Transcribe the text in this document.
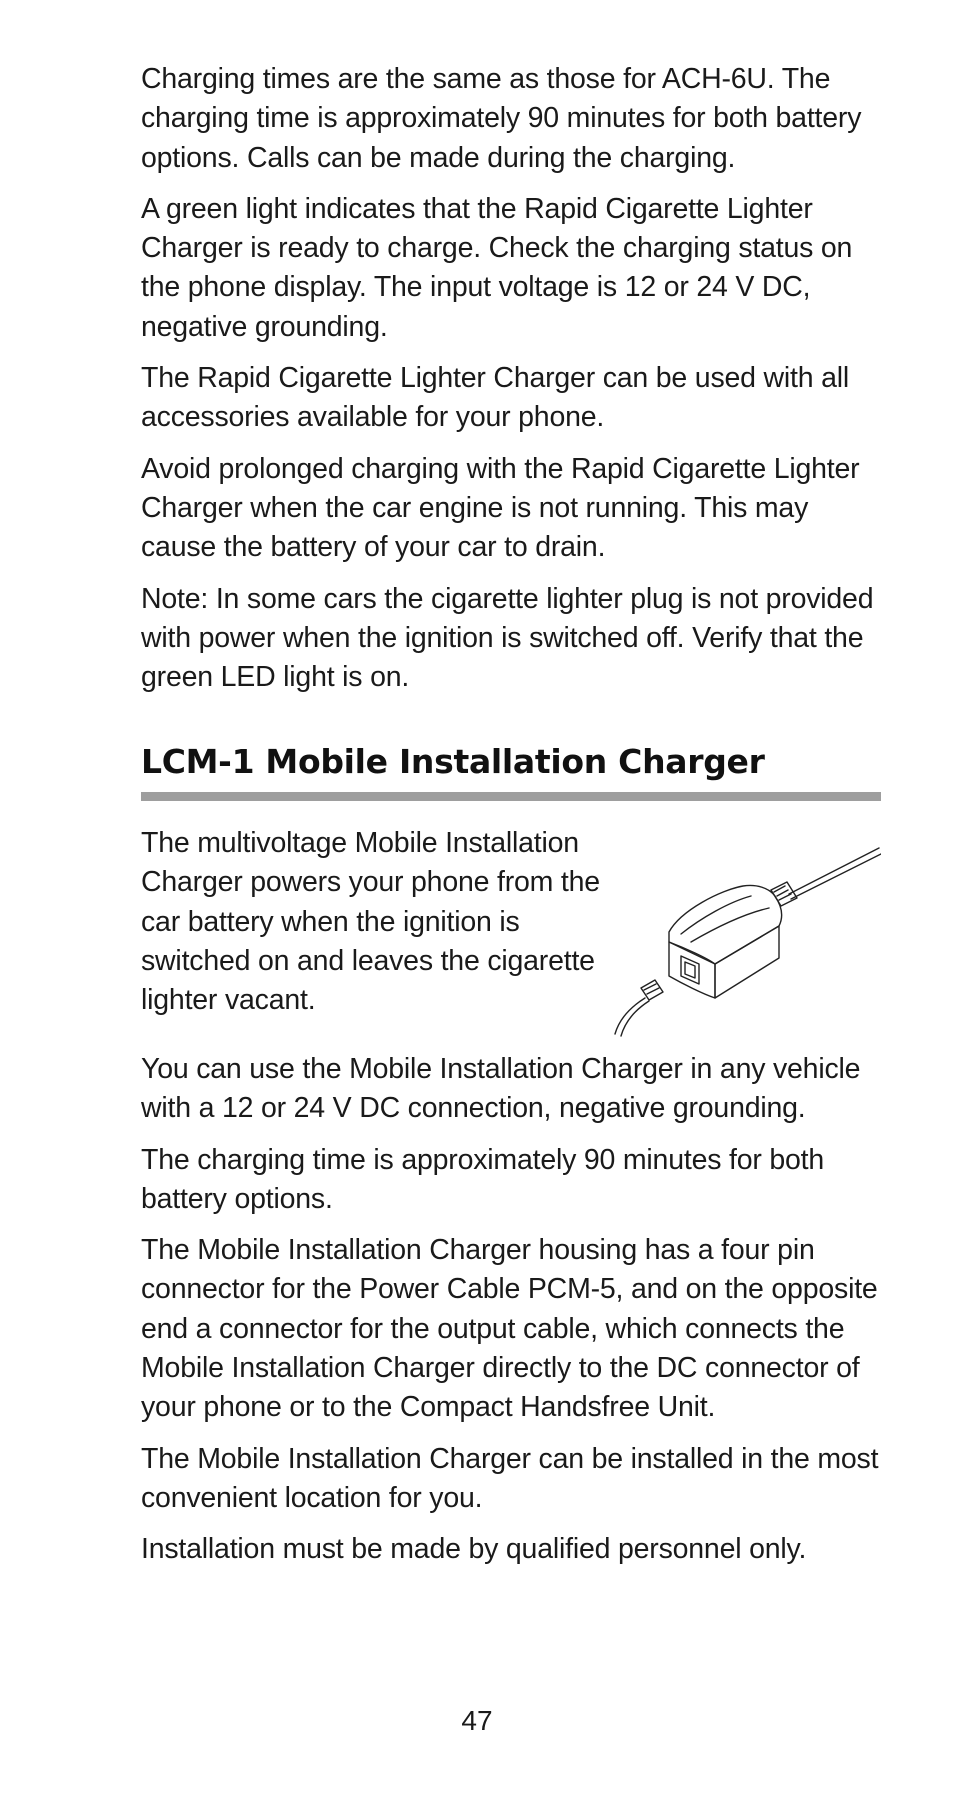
Charging times are the same as those for ACH-6U. The charging time is approximately 90 minutes for both battery options. Calls can be made during the charging.

A green light indicates that the Rapid Cigarette Lighter Charger is ready to charge. Check the charging status on the phone display. The input voltage is 12 or 24 V DC, negative grounding.

The Rapid Cigarette Lighter Charger can be used with all accessories available for your phone.

Avoid prolonged charging with the Rapid Cigarette Lighter Charger when the car engine is not running. This may cause the battery of your car to drain.

Note: In some cars the cigarette lighter plug is not provided with power when the ignition is switched off. Verify that the green LED light is on.

LCM-1 Mobile Installation Charger

The multivoltage Mobile Installation Charger powers your phone from the car battery when the ignition is switched on and leaves the cigarette lighter vacant.

You can use the Mobile Installation Charger in any vehicle with a 12 or 24 V DC connection, negative grounding.

The charging time is approximately 90 minutes for both battery options.

The Mobile Installation Charger housing has a four pin connector for the Power Cable PCM-5, and on the opposite end a connector for the output cable, which connects the Mobile Installation Charger directly to the DC connector of your phone or to the Compact Handsfree Unit.

The Mobile Installation Charger can be installed in the most convenient location for you.

Installation must be made by qualified personnel only.

47
